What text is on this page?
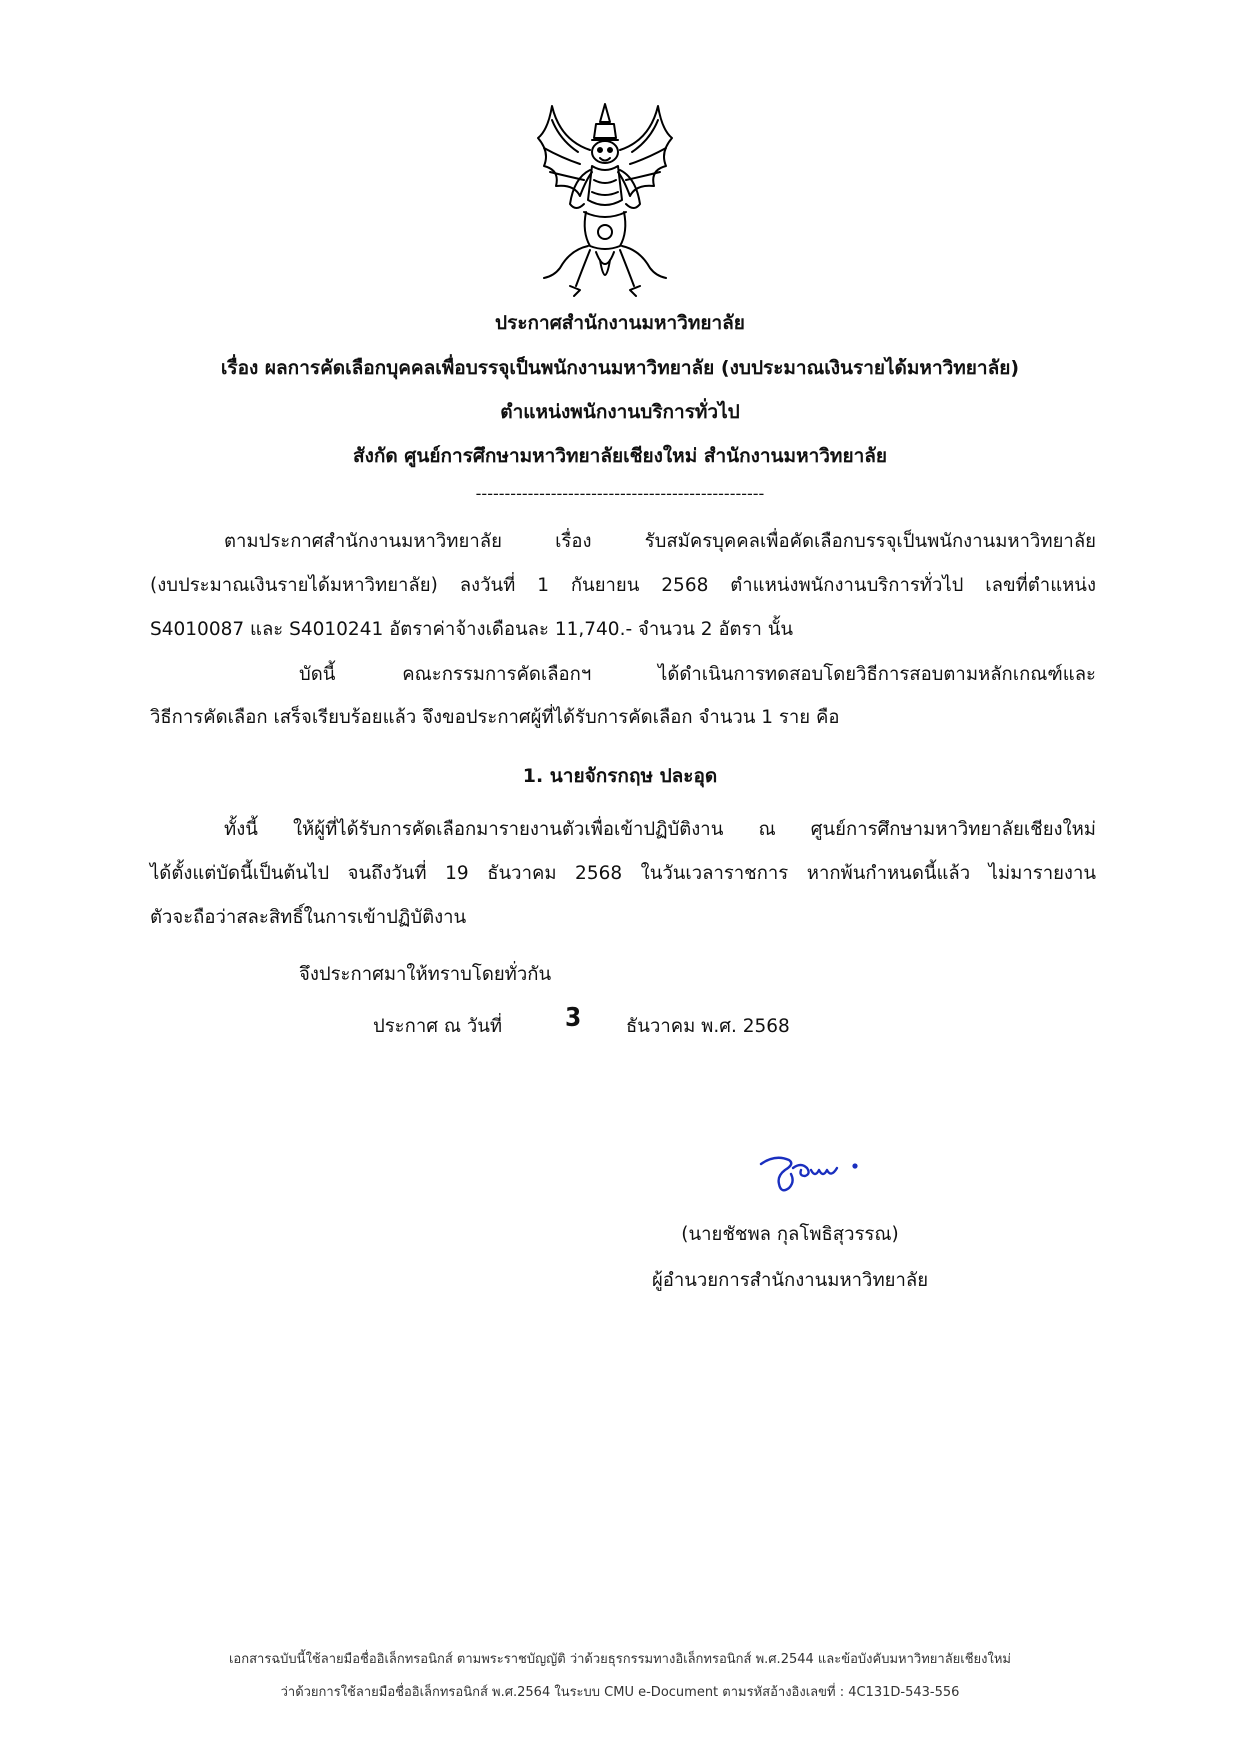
ประกาศสำนักงานมหาวิทยาลัย
เรื่อง ผลการคัดเลือกบุคคลเพื่อบรรจุเป็นพนักงานมหาวิทยาลัย (งบประมาณเงินรายได้มหาวิทยาลัย)
ตำแหน่งพนักงานบริการทั่วไป
สังกัด ศูนย์การศึกษามหาวิทยาลัยเชียงใหม่ สำนักงานมหาวิทยาลัย
--------------------------------------------------
ตามประกาศสำนักงานมหาวิทยาลัย เรื่อง รับสมัครบุคคลเพื่อคัดเลือกบรรจุเป็นพนักงานมหาวิทยาลัย
(งบประมาณเงินรายได้มหาวิทยาลัย) ลงวันที่ 1 กันยายน 2568 ตำแหน่งพนักงานบริการทั่วไป เลขที่ตำแหน่ง
S4010087 และ S4010241 อัตราค่าจ้างเดือนละ 11,740.- จำนวน 2 อัตรา นั้น
บัดนี้ คณะกรรมการคัดเลือกฯ ได้ดำเนินการทดสอบโดยวิธีการสอบตามหลักเกณฑ์และ
วิธีการคัดเลือก เสร็จเรียบร้อยแล้ว จึงขอประกาศผู้ที่ได้รับการคัดเลือก จำนวน 1 ราย คือ
1. นายจักรกฤษ ปละอุด
ทั้งนี้ ให้ผู้ที่ได้รับการคัดเลือกมารายงานตัวเพื่อเข้าปฏิบัติงาน ณ ศูนย์การศึกษามหาวิทยาลัยเชียงใหม่
ได้ตั้งแต่บัดนี้เป็นต้นไป จนถึงวันที่ 19 ธันวาคม 2568 ในวันเวลาราชการ หากพ้นกำหนดนี้แล้ว ไม่มารายงาน
ตัวจะถือว่าสละสิทธิ์ในการเข้าปฏิบัติงาน
จึงประกาศมาให้ทราบโดยทั่วกัน
ประกาศ ณ วันที่ 3 ธันวาคม พ.ศ. 2568
(นายชัชพล กุลโพธิสุวรรณ)
ผู้อำนวยการสำนักงานมหาวิทยาลัย
เอกสารฉบับนี้ใช้ลายมือชื่ออิเล็กทรอนิกส์ ตามพระราชบัญญัติ ว่าด้วยธุรกรรมทางอิเล็กทรอนิกส์ พ.ศ.2544 และข้อบังคับมหาวิทยาลัยเชียงใหม่
ว่าด้วยการใช้ลายมือชื่ออิเล็กทรอนิกส์ พ.ศ.2564 ในระบบ CMU e-Document ตามรหัสอ้างอิงเลขที่ : 4C131D-543-556
